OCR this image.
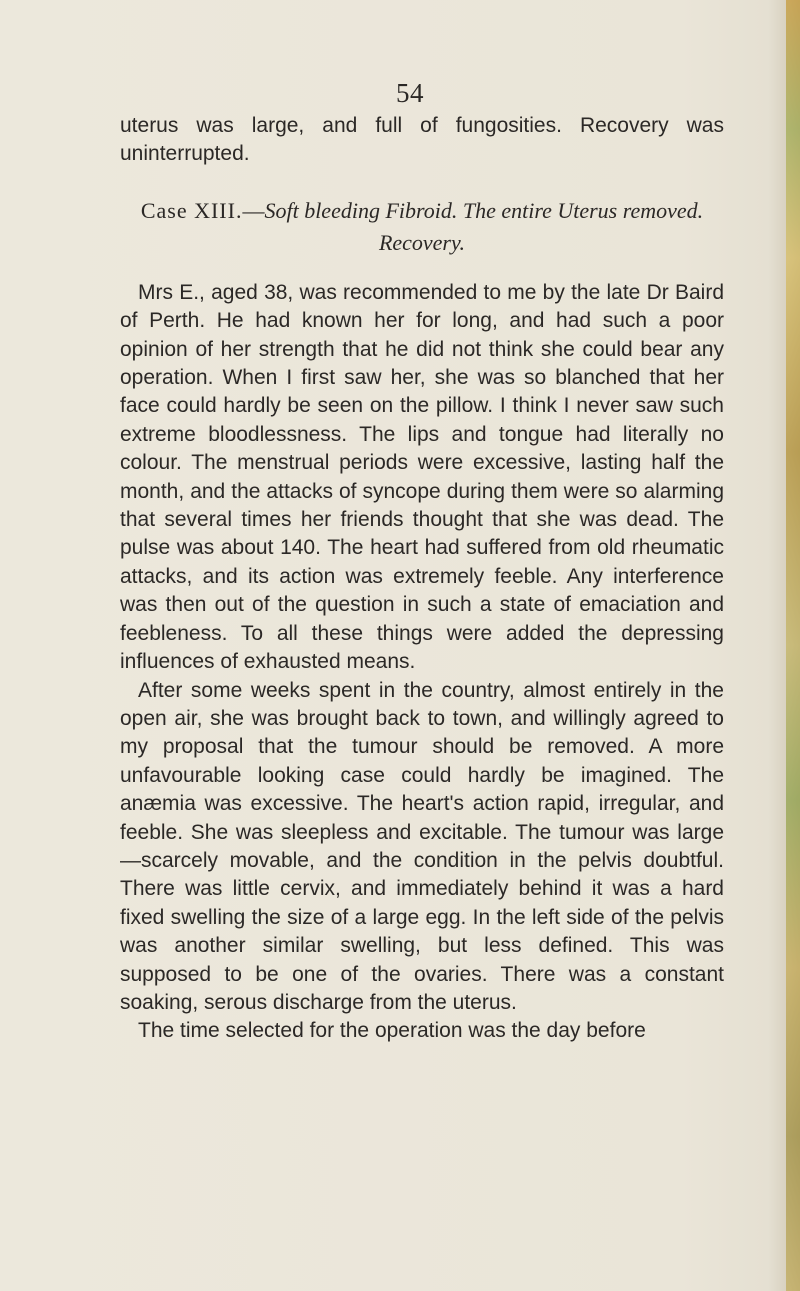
54

uterus was large, and full of fungosities. Recovery was uninterrupted.

Case XIII.—Soft bleeding Fibroid. The entire Uterus removed. Recovery.

Mrs E., aged 38, was recommended to me by the late Dr Baird of Perth. He had known her for long, and had such a poor opinion of her strength that he did not think she could bear any operation. When I first saw her, she was so blanched that her face could hardly be seen on the pillow. I think I never saw such extreme bloodlessness. The lips and tongue had literally no colour. The menstrual periods were excessive, lasting half the month, and the attacks of syncope during them were so alarming that several times her friends thought that she was dead. The pulse was about 140. The heart had suffered from old rheumatic attacks, and its action was extremely feeble. Any interference was then out of the question in such a state of emaciation and feebleness. To all these things were added the depressing influences of exhausted means.

After some weeks spent in the country, almost entirely in the open air, she was brought back to town, and willingly agreed to my proposal that the tumour should be removed. A more unfavourable looking case could hardly be imagined. The anæmia was excessive. The heart's action rapid, irregular, and feeble. She was sleepless and excitable. The tumour was large—scarcely movable, and the condition in the pelvis doubtful. There was little cervix, and immediately behind it was a hard fixed swelling the size of a large egg. In the left side of the pelvis was another similar swelling, but less defined. This was supposed to be one of the ovaries. There was a constant soaking, serous discharge from the uterus.

The time selected for the operation was the day before
